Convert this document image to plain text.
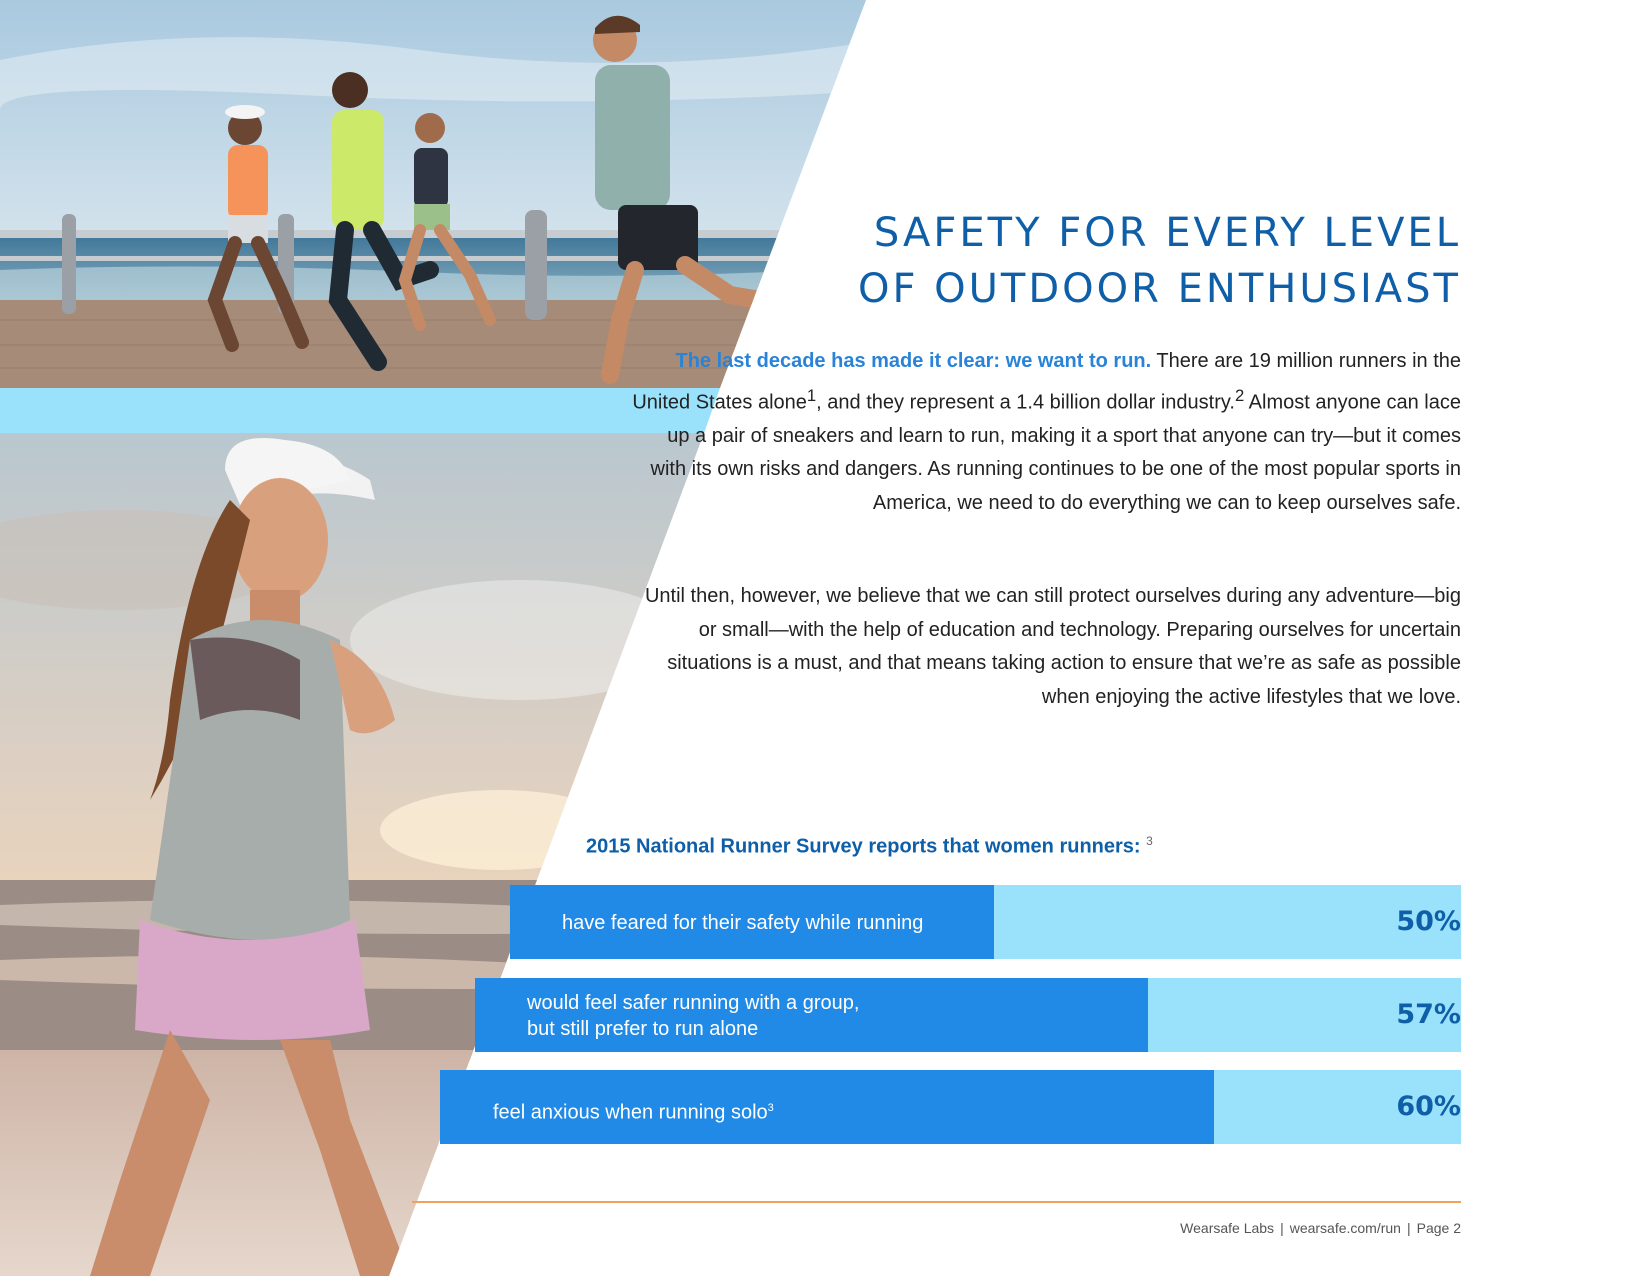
SAFETY FOR EVERY LEVEL
OF OUTDOOR ENTHUSIAST

The last decade has made it clear: we want to run. There are 19 million runners in the United States alone$^1$, and they represent a 1.4 billion dollar industry.$^2$ Almost anyone can lace up a pair of sneakers and learn to run, making it a sport that anyone can try—but it comes with its own risks and dangers. As running continues to be one of the most popular sports in America, we need to do everything we can to keep ourselves safe.

Until then, however, we believe that we can still protect ourselves during any adventure—big or small—with the help of education and technology. Preparing ourselves for uncertain situations is a must, and that means taking action to ensure that we’re as safe as possible when enjoying the active lifestyles that we love.

2015 National Runner Survey reports that women runners: $^3$

have feared for their safety while running	50%
would feel safer running with a group,
but still prefer to run alone	57%
feel anxious when running solo$^3$	60%
Wearsafe Labs | wearsafe.com/run | Page 2
